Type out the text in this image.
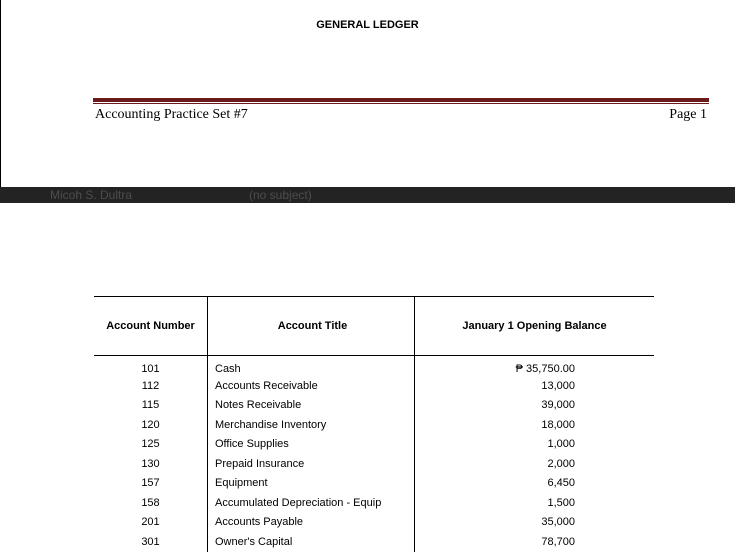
GENERAL LEDGER
Accounting Practice Set #7	Page 1
Micoh S. Dultra	(no subject)
Account Number	Account Title	January 1 Opening Balance
101	Cash	₱ 35,750.00
112	Accounts Receivable	13,000
115	Notes Receivable	39,000
120	Merchandise Inventory	18,000
125	Office Supplies	1,000
130	Prepaid Insurance	2,000
157	Equipment	6,450
158	Accumulated Depreciation - Equip	1,500
201	Accounts Payable	35,000
301	Owner's Capital	78,700
